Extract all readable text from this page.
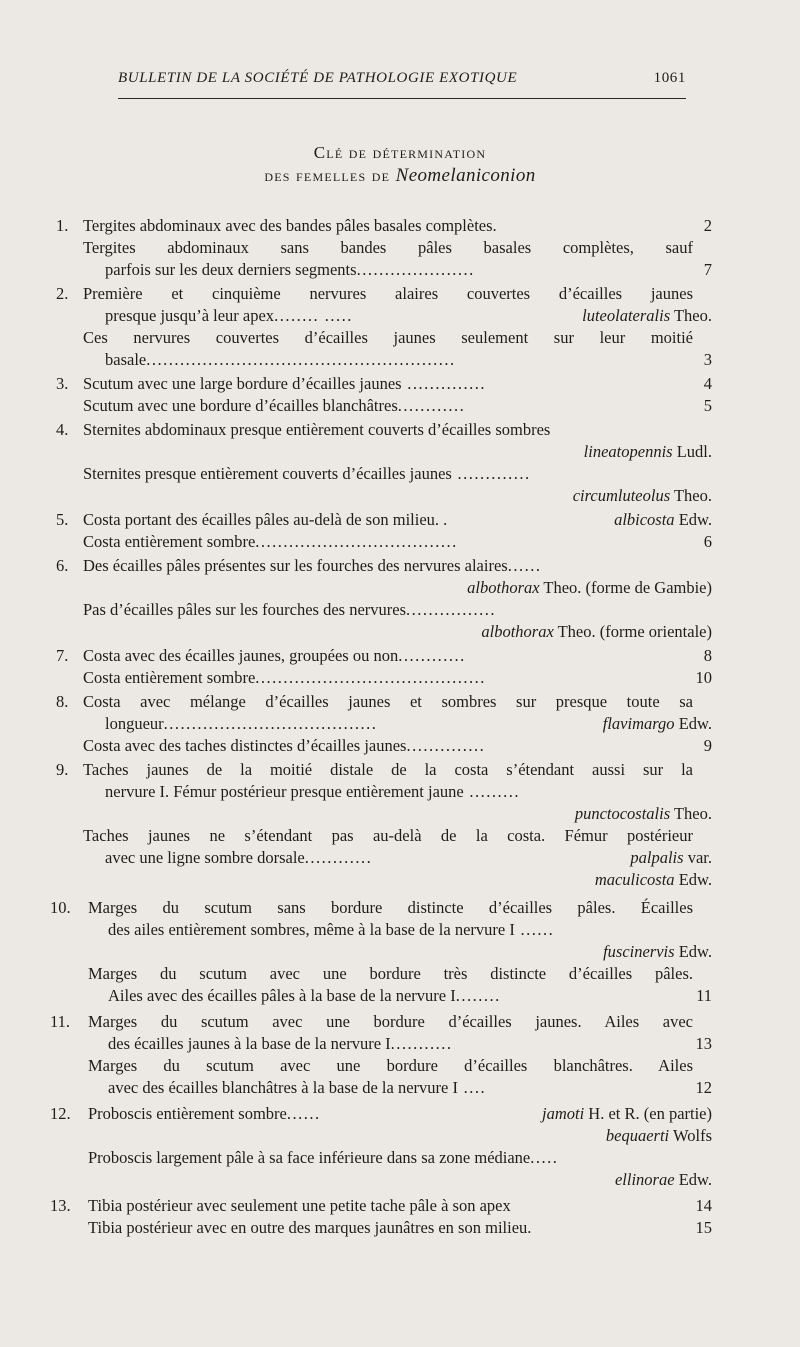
BULLETIN DE LA SOCIÉTÉ DE PATHOLOGIE EXOTIQUE	1061
Clé de détermination
des femelles de Neomelaniconion
1. Tergites abdominaux avec des bandes pâles basales complètes.	2
Tergites abdominaux sans bandes pâles basales complètes, sauf
parfois sur les deux derniers segments.....................	7
2. Première et cinquième nervures alaires couvertes d’écailles jaunes
presque jusqu’à leur apex........ .....	luteolateralis Theo.
Ces nervures couvertes d’écailles jaunes seulement sur leur moitié
basale.......................................................	3
3. Scutum avec une large bordure d’écailles jaunes ..............	4
Scutum avec une bordure d’écailles blanchâtres............	5
4. Sternites abdominaux presque entièrement couverts d’écailles sombres
lineatopennis Ludl.
Sternites presque entièrement couverts d’écailles jaunes .............
circumluteolus Theo.
5. Costa portant des écailles pâles au-delà de son milieu. .	albicosta Edw.
Costa entièrement sombre....................................	6
6. Des écailles pâles présentes sur les fourches des nervures alaires......
albothorax Theo. (forme de Gambie)
Pas d’écailles pâles sur les fourches des nervures................
albothorax Theo. (forme orientale)
7. Costa avec des écailles jaunes, groupées ou non............	8
Costa entièrement sombre.........................................	10
8. Costa avec mélange d’écailles jaunes et sombres sur presque toute sa
longueur......................................	flavimargo Edw.
Costa avec des taches distinctes d’écailles jaunes..............	9
9. Taches jaunes de la moitié distale de la costa s’étendant aussi sur la
nervure I. Fémur postérieur presque entièrement jaune .........
punctocostalis Theo.
Taches jaunes ne s’étendant pas au-delà de la costa. Fémur postérieur
avec une ligne sombre dorsale............	palpalis var.
maculicosta Edw.
10. Marges du scutum sans bordure distincte d’écailles pâles. Écailles
des ailes entièrement sombres, même à la base de la nervure I ......
fuscinervis Edw.
Marges du scutum avec une bordure très distincte d’écailles pâles.
Ailes avec des écailles pâles à la base de la nervure I........	11
11. Marges du scutum avec une bordure d’écailles jaunes. Ailes avec
des écailles jaunes à la base de la nervure I...........	13
Marges du scutum avec une bordure d’écailles blanchâtres. Ailes
avec des écailles blanchâtres à la base de la nervure I ....	12
12. Proboscis entièrement sombre......	jamoti H. et R. (en partie)
bequaerti Wolfs
Proboscis largement pâle à sa face inférieure dans sa zone médiane.....
ellinorae Edw.
13. Tibia postérieur avec seulement une petite tache pâle à son apex	14
Tibia postérieur avec en outre des marques jaunâtres en son milieu.	15
